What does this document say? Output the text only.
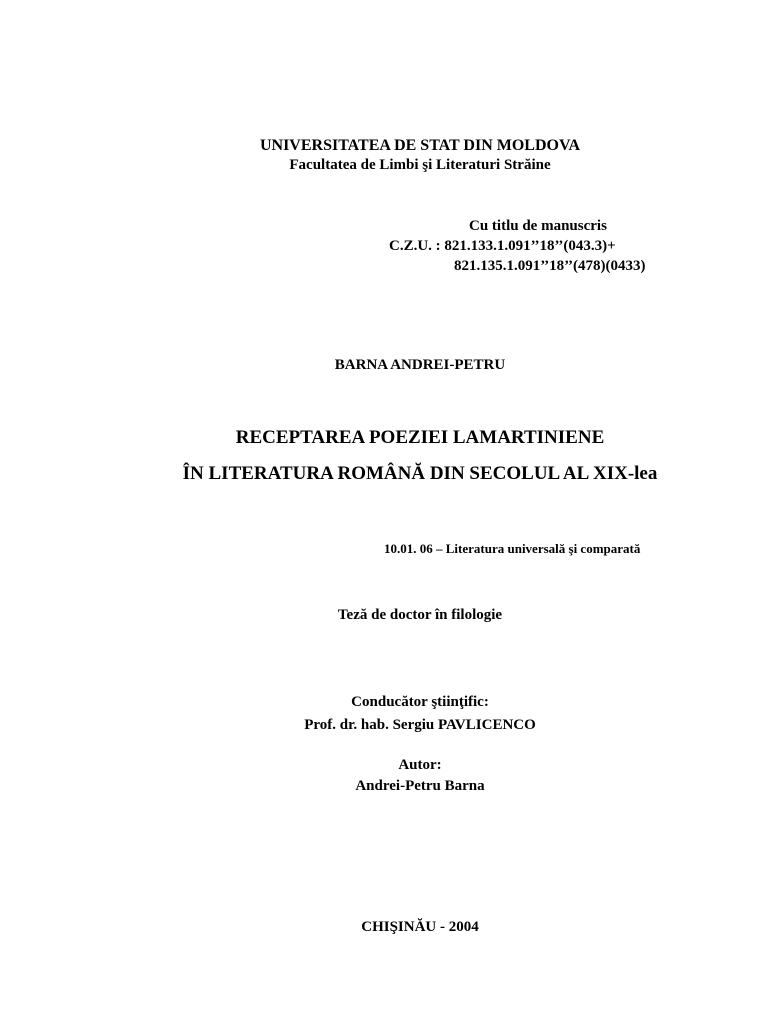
UNIVERSITATEA DE STAT DIN MOLDOVA
Facultatea de Limbi şi Literaturi Străine
Cu titlu de manuscris
C.Z.U. : 821.133.1.091’’18’’(043.3)+
821.135.1.091’’18’’(478)(0433)
BARNA ANDREI-PETRU
RECEPTAREA POEZIEI LAMARTINIENE
ÎN LITERATURA ROMÂNĂ DIN SECOLUL AL XIX-lea
10.01. 06 – Literatura universală şi comparată
Teză de doctor în filologie
Conducător ştiinţific:
Prof. dr. hab. Sergiu PAVLICENCO
Autor:
Andrei-Petru Barna
CHIŞINĂU - 2004
